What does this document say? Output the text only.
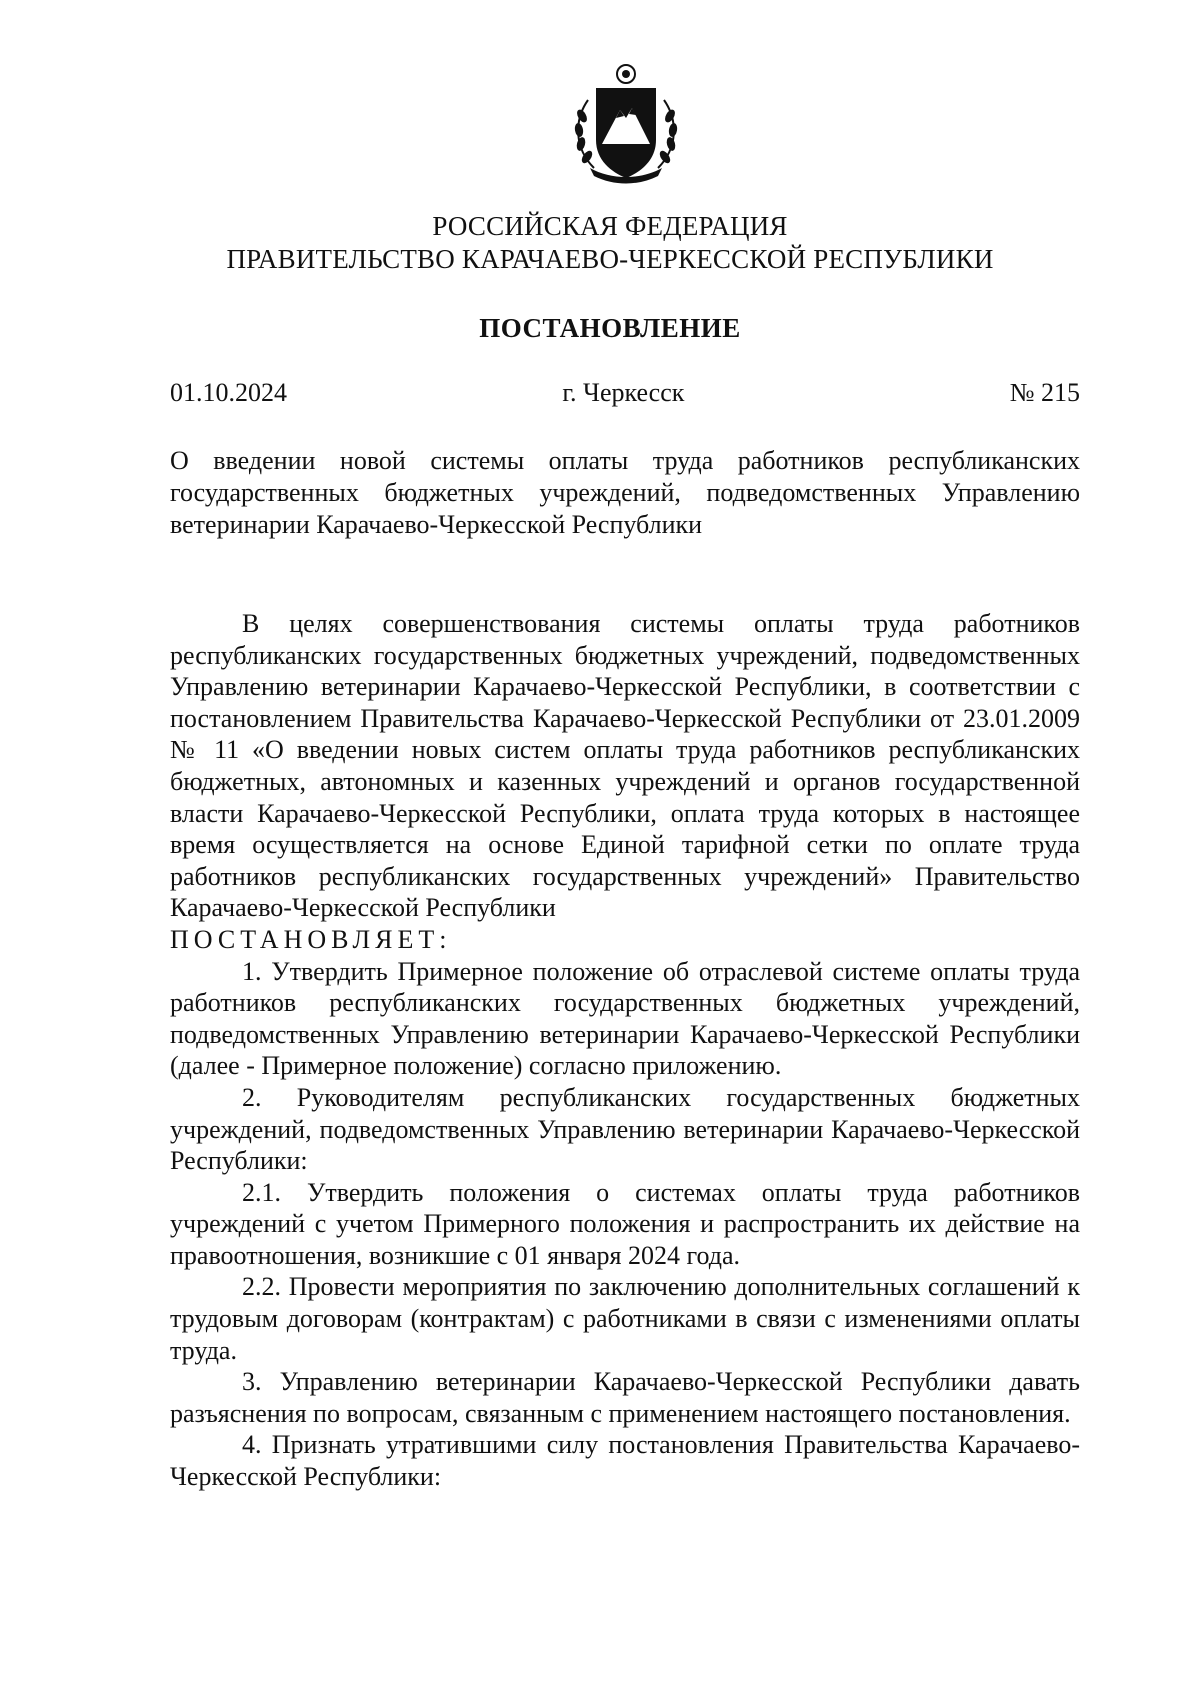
РОССИЙСКАЯ ФЕДЕРАЦИЯ
ПРАВИТЕЛЬСТВО КАРАЧАЕВО-ЧЕРКЕССКОЙ РЕСПУБЛИКИ
ПОСТАНОВЛЕНИЕ
01.10.2024	г. Черкесск	№ 215
О введении новой системы оплаты труда работников республиканских государственных бюджетных учреждений, подведомственных Управлению ветеринарии Карачаево-Черкесской Республики

В целях совершенствования системы оплаты труда работников республиканских государственных бюджетных учреждений, подведомственных Управлению ветеринарии Карачаево-Черкесской Республики, в соответствии с постановлением Правительства Карачаево-Черкесской Республики от 23.01.2009 № 11 «О введении новых систем оплаты труда работников республиканских бюджетных, автономных и казенных учреждений и органов государственной власти Карачаево-Черкесской Республики, оплата труда которых в настоящее время осуществляется на основе Единой тарифной сетки по оплате труда работников республиканских государственных учреждений» Правительство Карачаево-Черкесской Республики

ПОСТАНОВЛЯЕТ:

1. Утвердить Примерное положение об отраслевой системе оплаты труда работников республиканских государственных бюджетных учреждений, подведомственных Управлению ветеринарии Карачаево-Черкесской Республики (далее - Примерное положение) согласно приложению.

2. Руководителям республиканских государственных бюджетных учреждений, подведомственных Управлению ветеринарии Карачаево-Черкесской Республики:

2.1. Утвердить положения о системах оплаты труда работников учреждений с учетом Примерного положения и распространить их действие на правоотношения, возникшие с 01 января 2024 года.

2.2. Провести мероприятия по заключению дополнительных соглашений к трудовым договорам (контрактам) с работниками в связи с изменениями оплаты труда.

3. Управлению ветеринарии Карачаево-Черкесской Республики давать разъяснения по вопросам, связанным с применением настоящего постановления.

4. Признать утратившими силу постановления Правительства Карачаево-Черкесской Республики:
